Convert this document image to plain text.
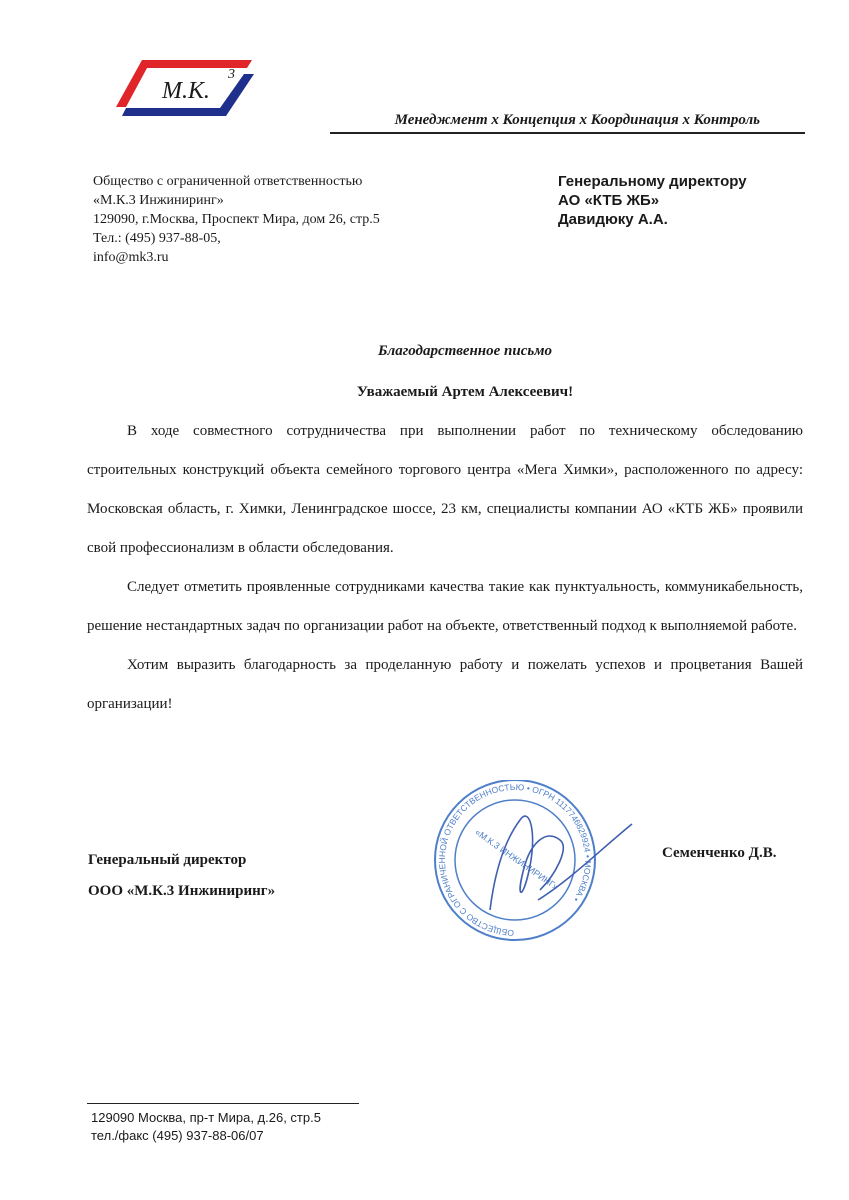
М.К.
3
Менеджмент х Концепция х Координация х Контроль
Общество с ограниченной ответственностью
«М.К.3 Инжиниринг»
129090, г.Москва, Проспект Мира, дом 26, стр.5
Тел.: (495) 937-88-05,
info@mk3.ru
Генеральному директору
АО «КТБ ЖБ»
Давидюку А.А.
Благодарственное письмо
Уважаемый Артем Алексеевич!

В ходе совместного сотрудничества при выполнении работ по техническому обследованию строительных конструкций объекта семейного торгового центра «Мега Химки», расположенного по адресу: Московская область, г. Химки, Ленинградское шоссе, 23 км, специалисты компании АО «КТБ ЖБ» проявили свой профессионализм в области обследования.

Следует отметить проявленные сотрудниками качества такие как пунктуальность, коммуникабельность, решение нестандартных задач по организации работ на объекте, ответственный подход к выполняемой работе.

Хотим выразить благодарность за проделанную работу и пожелать успехов и процветания Вашей организации!

Генеральный директор
ООО «М.К.3 Инжиниринг»
Семенченко Д.В.
ОБЩЕСТВО С ОГРАНИЧЕННОЙ ОТВЕТСТВЕННОСТЬЮ • ОГРН 1117746829924 • МОСКВА •
«М.К.3 ИНЖИНИРИНГ»
129090 Москва, пр-т Мира, д.26, стр.5
тел./факс (495) 937-88-06/07
